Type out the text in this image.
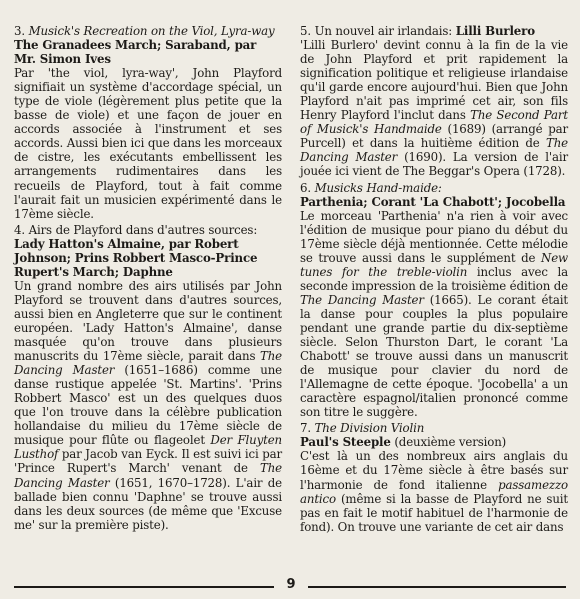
3. Musick's Recreation on the Viol, Lyra-way
The Granadees March; Saraband, par Mr. Simon Ives
Par 'the viol, lyra-way', John Playford signifiait un système d'accordage spécial, un type de viole (légèrement plus petite que la basse de viole) et une façon de jouer en accords associée à l'instrument et ses accords. Aussi bien ici que dans les morceaux de cistre, les exécutants embellissent les arrangements rudimentaires dans les recueils de Playford, tout à fait comme l'aurait fait un musicien expérimenté dans le 17ème siècle.
4. Airs de Playford dans d'autres sources:
Lady Hatton's Almaine, par Robert Johnson; Prins Robbert Masco-Prince Rupert's March; Daphne
Un grand nombre des airs utilisés par John Playford se trouvent dans d'autres sources, aussi bien en Angleterre que sur le continent européen. 'Lady Hatton's Almaine', danse masquée qu'on trouve dans plusieurs manuscrits du 17ème siècle, parait dans The Dancing Master (1651–1686) comme une danse rustique appelée 'St. Martins'. 'Prins Robbert Masco' est un des quelques duos que l'on trouve dans la célèbre publication hollandaise du milieu du 17ème siècle de musique pour flûte ou flageolet Der Fluyten Lusthof par Jacob van Eyck. Il est suivi ici par 'Prince Rupert's March' venant de The Dancing Master (1651, 1670–1728). L'air de ballade bien connu 'Daphne' se trouve aussi dans les deux sources (de même que 'Excuse me' sur la première piste).
5. Un nouvel air irlandais: Lilli Burlero
'Lilli Burlero' devint connu à la fin de la vie de John Playford et prit rapidement la signification politique et religieuse irlandaise qu'il garde encore aujourd'hui. Bien que John Playford n'ait pas imprimé cet air, son fils Henry Playford l'inclut dans The Second Part of Musick's Handmaide (1689) (arrangé par Purcell) et dans la huitième édition de The Dancing Master (1690). La version de l'air jouée ici vient de The Beggar's Opera (1728).
6. Musicks Hand-maide:
Parthenia; Corant 'La Chabott'; Jocobella
Le morceau 'Parthenia' n'a rien à voir avec l'édition de musique pour piano du début du 17ème siècle déjà mentionnée. Cette mélodie se trouve aussi dans le supplément de New tunes for the treble-violin inclus avec la seconde impression de la troisième édition de The Dancing Master (1665). Le corant était la danse pour couples la plus populaire pendant une grande partie du dix-septième siècle. Selon Thurston Dart, le corant 'La Chabott' se trouve aussi dans un manuscrit de musique pour clavier du nord de l'Allemagne de cette époque. 'Jocobella' a un caractère espagnol/italien prononcé comme son titre le suggère.
7. The Division Violin
Paul's Steeple (deuxième version)
C'est là un des nombreux airs anglais du 16ème et du 17ème siècle à être basés sur l'harmonie de fond italienne passamezzo antico (même si la basse de Playford ne suit pas en fait le motif habituel de l'harmonie de fond). On trouve une variante de cet air dans
9
